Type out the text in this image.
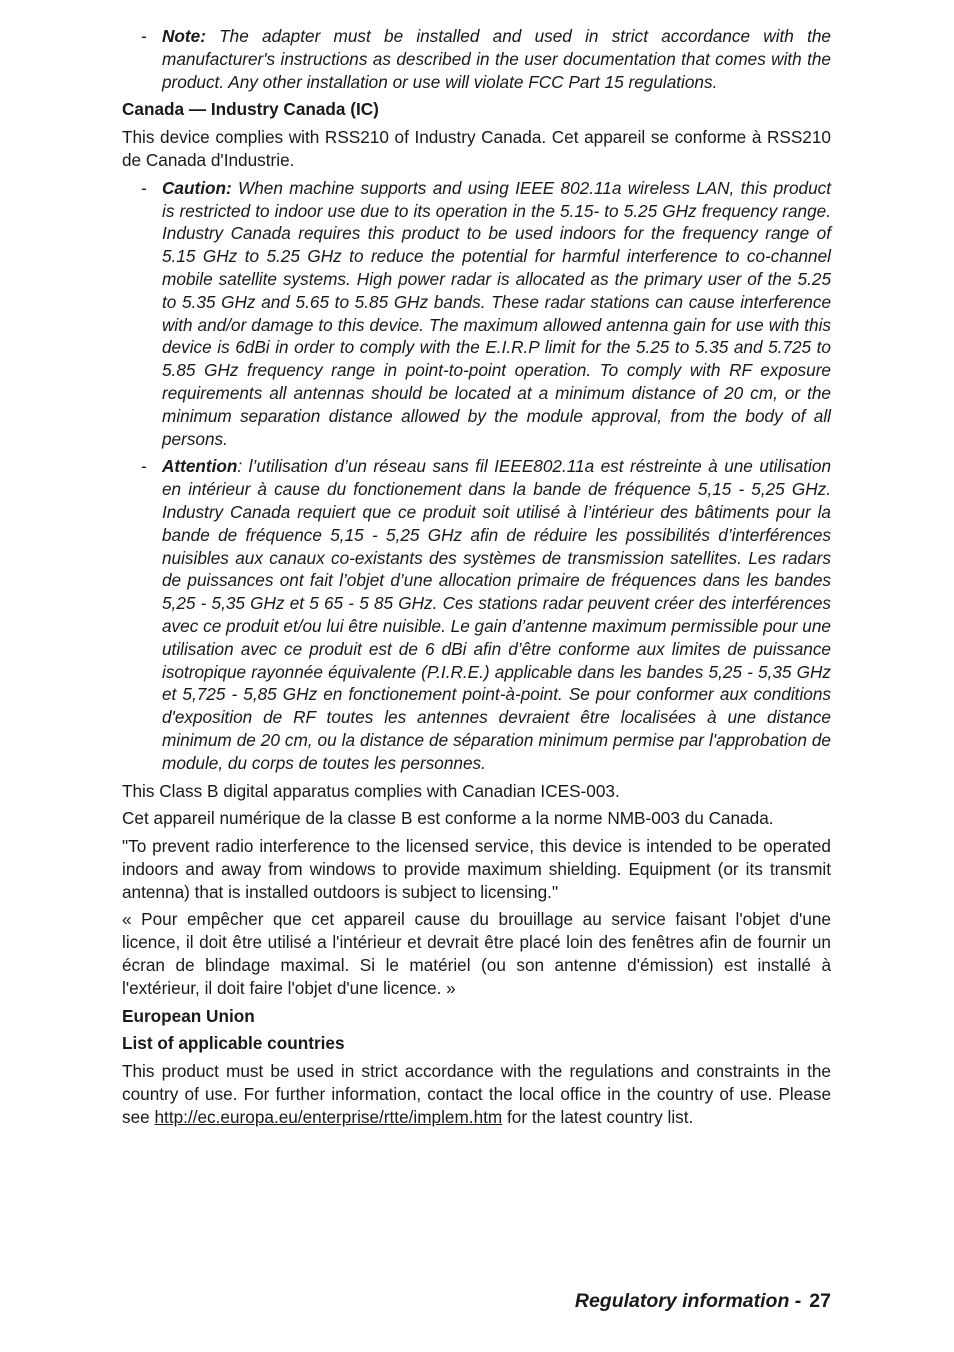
- Note: The adapter must be installed and used in strict accordance with the manufacturer's instructions as described in the user documentation that comes with the product. Any other installation or use will violate FCC Part 15 regulations.
Canada — Industry Canada (IC)

This device complies with RSS210 of Industry Canada. Cet appareil se conforme à RSS210 de Canada d'Industrie.

- Caution: When machine supports and using IEEE 802.11a wireless LAN, this product is restricted to indoor use due to its operation in the 5.15- to 5.25 GHz frequency range. Industry Canada requires this product to be used indoors for the frequency range of 5.15 GHz to 5.25 GHz to reduce the potential for harmful interference to co-channel mobile satellite systems. High power radar is allocated as the primary user of the 5.25 to 5.35 GHz and 5.65 to 5.85 GHz bands. These radar stations can cause interference with and/or damage to this device. The maximum allowed antenna gain for use with this device is 6dBi in order to comply with the E.I.R.P limit for the 5.25 to 5.35 and 5.725 to 5.85 GHz frequency range in point-to-point operation. To comply with RF exposure requirements all antennas should be located at a minimum distance of 20 cm, or the minimum separation distance allowed by the module approval, from the body of all persons.
- Attention: l’utilisation d’un réseau sans fil IEEE802.11a est réstreinte à une utilisation en intérieur à cause du fonctionement dans la bande de fréquence 5,15 - 5,25 GHz. Industry Canada requiert que ce produit soit utilisé à l’intérieur des bâtiments pour la bande de fréquence 5,15 - 5,25 GHz afin de réduire les possibilités d’interférences nuisibles aux canaux co-existants des systèmes de transmission satellites. Les radars de puissances ont fait l’objet d’une allocation primaire de fréquences dans les bandes 5,25 - 5,35 GHz et 5 65 - 5 85 GHz. Ces stations radar peuvent créer des interférences avec ce produit et/ou lui être nuisible. Le gain d’antenne maximum permissible pour une utilisation avec ce produit est de 6 dBi afin d’être conforme aux limites de puissance isotropique rayonnée équivalente (P.I.R.E.) applicable dans les bandes 5,25 - 5,35 GHz et 5,725 - 5,85 GHz en fonctionement point-à-point. Se pour conformer aux conditions d'exposition de RF toutes les antennes devraient être localisées à une distance minimum de 20 cm, ou la distance de séparation minimum permise par l'approbation de module, du corps de toutes les personnes.

This Class B digital apparatus complies with Canadian ICES-003.

Cet appareil numérique de la classe B est conforme a la norme NMB-003 du Canada.

"To prevent radio interference to the licensed service, this device is intended to be operated indoors and away from windows to provide maximum shielding. Equipment (or its transmit antenna) that is installed outdoors is subject to licensing."

« Pour empêcher que cet appareil cause du brouillage au service faisant l'objet d'une licence, il doit être utilisé a l'intérieur et devrait être placé loin des fenêtres afin de fournir un écran de blindage maximal. Si le matériel (ou son antenne d'émission) est installé à l'extérieur, il doit faire l'objet d'une licence. »

European Union
List of applicable countries

This product must be used in strict accordance with the regulations and constraints in the country of use. For further information, contact the local office in the country of use. Please see http://ec.europa.eu/enterprise/rtte/implem.htm for the latest country list.

Regulatory information - 27
